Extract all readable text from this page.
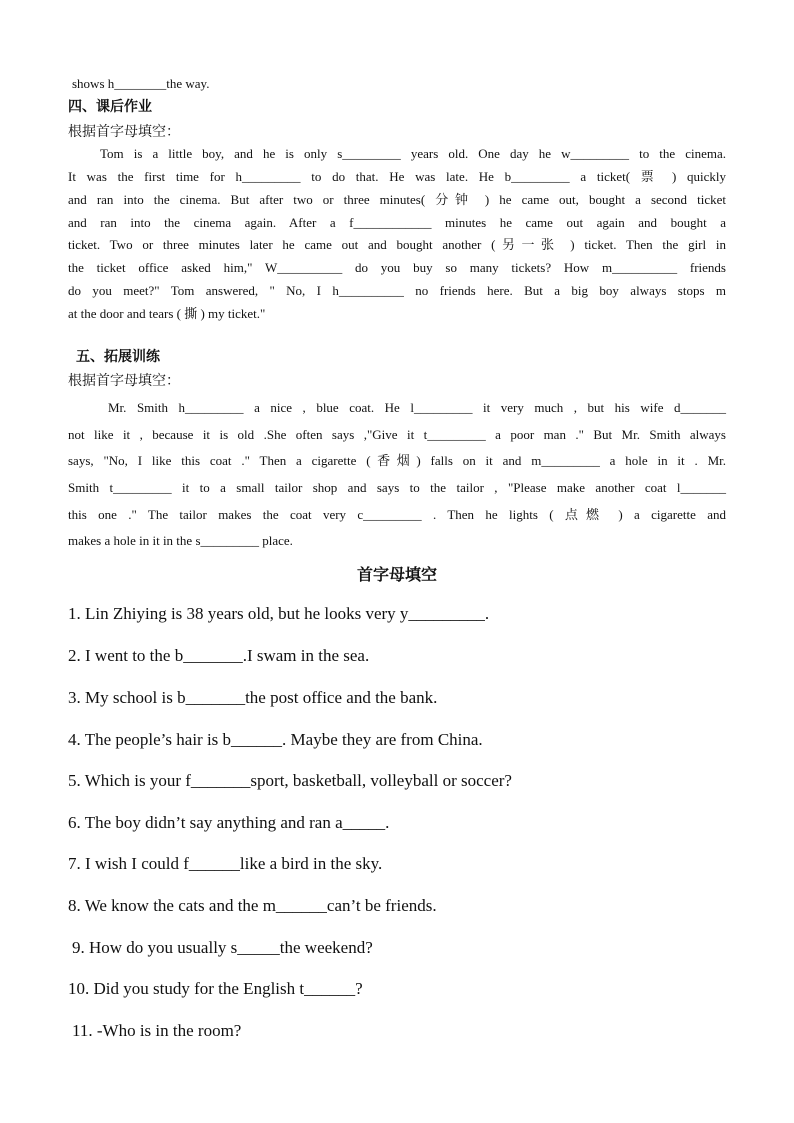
shows h________the way.
四、课后作业
根据首字母填空：
Tom is a little boy, and he is only s_________ years old. One day he w_________ to the cinema.
It was the first time for h_________ to do that. He was late. He b_________ a ticket( 票 ) quickly
and ran into the cinema. But after two or three minutes( 分钟 ) he came out, bought a second ticket
and ran into the cinema again. After a f____________ minutes he came out again and bought a
ticket. Two or three minutes later he came out and bought another (另一张 ) ticket. Then the girl in
the ticket office asked him," W__________ do you buy so many tickets? How m__________ friends
do you meet?" Tom answered, " No, I h__________ no friends here. But a big boy always stops m
at the door and tears ( 撕 ) my ticket."
五、拓展训练
根据首字母填空：
Mr. Smith h_________ a nice , blue coat. He l_________ it very much , but his wife d_______
not like it , because it is old .She often says ,"Give it t_________ a poor man ." But Mr. Smith always
says, "No, I like this coat ." Then a cigarette (香烟) falls on it and m_________ a hole in it . Mr.
Smith t_________ it to a small tailor shop and says to the tailor , "Please make another coat l_______
this one ." The tailor makes the coat very c_________ . Then he lights ( 点燃 ) a cigarette and
makes a hole in it in the s_________ place.
首字母填空
1. Lin Zhiying is 38 years old, but he looks very y_________.
2. I went to the b_______.I swam in the sea.
3. My school is b_______the post office and the bank.
4. The people’s hair is b______. Maybe they are from China.
5. Which is your f_______sport, basketball, volleyball or soccer?
6. The boy didn’t say anything and ran a_____.
7. I wish I could f______like a bird in the sky.
8. We know the cats and the m______can’t be friends.
9. How do you usually s_____the weekend?
10. Did you study for the English t______?
11. -Who is in the room?
